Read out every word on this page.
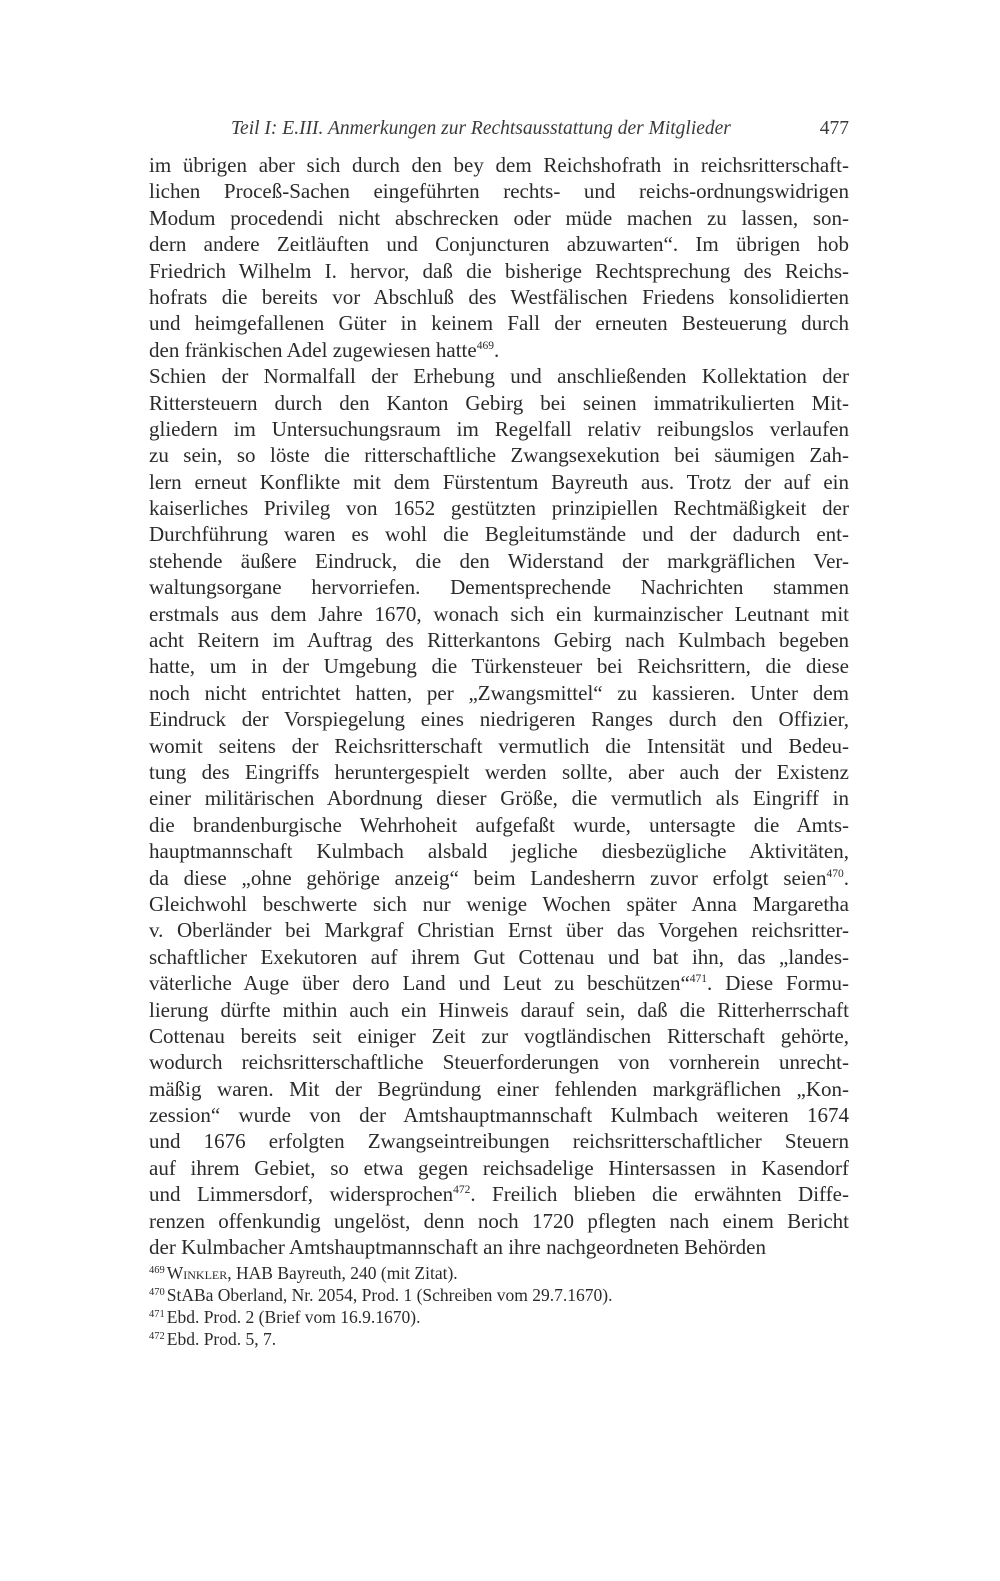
Teil I: E.III. Anmerkungen zur Rechtsausstattung der Mitglieder	477
im übrigen aber sich durch den bey dem Reichshofrath in reichsritterschaft-
lichen Proceß-Sachen eingeführten rechts- und reichs-ordnungswidrigen
Modum procedendi nicht abschrecken oder müde machen zu lassen, son-
dern andere Zeitläuften und Conjuncturen abzuwarten“. Im übrigen hob
Friedrich Wilhelm I. hervor, daß die bisherige Rechtsprechung des Reichs-
hofrats die bereits vor Abschluß des Westfälischen Friedens konsolidierten
und heimgefallenen Güter in keinem Fall der erneuten Besteuerung durch
den fränkischen Adel zugewiesen hatte$^{469}$.
Schien der Normalfall der Erhebung und anschließenden Kollektation der
Rittersteuern durch den Kanton Gebirg bei seinen immatrikulierten Mit-
gliedern im Untersuchungsraum im Regelfall relativ reibungslos verlaufen
zu sein, so löste die ritterschaftliche Zwangsexekution bei säumigen Zah-
lern erneut Konflikte mit dem Fürstentum Bayreuth aus. Trotz der auf ein
kaiserliches Privileg von 1652 gestützten prinzipiellen Rechtmäßigkeit der
Durchführung waren es wohl die Begleitumstände und der dadurch ent-
stehende äußere Eindruck, die den Widerstand der markgräflichen Ver-
waltungsorgane hervorriefen. Dementsprechende Nachrichten stammen
erstmals aus dem Jahre 1670, wonach sich ein kurmainzischer Leutnant mit
acht Reitern im Auftrag des Ritterkantons Gebirg nach Kulmbach begeben
hatte, um in der Umgebung die Türkensteuer bei Reichsrittern, die diese
noch nicht entrichtet hatten, per „Zwangsmittel“ zu kassieren. Unter dem
Eindruck der Vorspiegelung eines niedrigeren Ranges durch den Offizier,
womit seitens der Reichsritterschaft vermutlich die Intensität und Bedeu-
tung des Eingriffs heruntergespielt werden sollte, aber auch der Existenz
einer militärischen Abordnung dieser Größe, die vermutlich als Eingriff in
die brandenburgische Wehrhoheit aufgefaßt wurde, untersagte die Amts-
hauptmannschaft Kulmbach alsbald jegliche diesbezügliche Aktivitäten,
da diese „ohne gehörige anzeig“ beim Landesherrn zuvor erfolgt seien$^{470}$.
Gleichwohl beschwerte sich nur wenige Wochen später Anna Margaretha
v. Oberländer bei Markgraf Christian Ernst über das Vorgehen reichsritter-
schaftlicher Exekutoren auf ihrem Gut Cottenau und bat ihn, das „landes-
väterliche Auge über dero Land und Leut zu beschützen“$^{471}$. Diese Formu-
lierung dürfte mithin auch ein Hinweis darauf sein, daß die Ritterherrschaft
Cottenau bereits seit einiger Zeit zur vogtländischen Ritterschaft gehörte,
wodurch reichsritterschaftliche Steuerforderungen von vornherein unrecht-
mäßig waren. Mit der Begründung einer fehlenden markgräflichen „Kon-
zession“ wurde von der Amtshauptmannschaft Kulmbach weiteren 1674
und 1676 erfolgten Zwangseintreibungen reichsritterschaftlicher Steuern
auf ihrem Gebiet, so etwa gegen reichsadelige Hintersassen in Kasendorf
und Limmersdorf, widersprochen$^{472}$. Freilich blieben die erwähnten Diffe-
renzen offenkundig ungelöst, denn noch 1720 pflegten nach einem Bericht
der Kulmbacher Amtshauptmannschaft an ihre nachgeordneten Behörden
$^{469}$ Winkler, HAB Bayreuth, 240 (mit Zitat).
$^{470}$ StABa Oberland, Nr. 2054, Prod. 1 (Schreiben vom 29.7.1670).
$^{471}$ Ebd. Prod. 2 (Brief vom 16.9.1670).
$^{472}$ Ebd. Prod. 5, 7.
